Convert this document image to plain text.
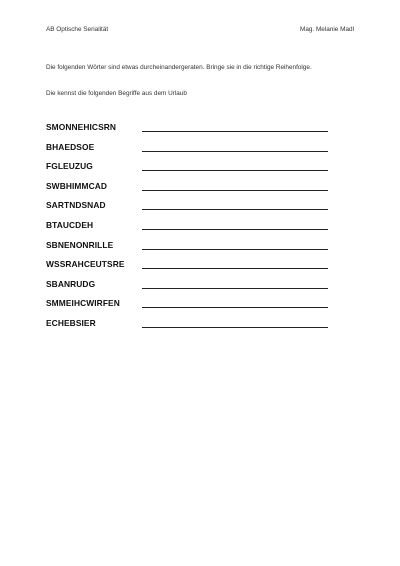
AB Optische Serialität	Mag. Melanie Madl
Die folgenden Wörter sind etwas durcheinandergeraten. Bringe sie in die richtige Reihenfolge.
Die kennst die folgenden Begriffe aus dem Urlaub
SMONNEHICSRN
BHAEDSOE
FGLEUZUG
SWBHIMMCAD
SARTNDSNAD
BTAUCDEH
SBNENONRILLE
WSSRAHCEUTSRE
SBANRUDG
SMMEIHCWIRFEN
ECHEBSIER
